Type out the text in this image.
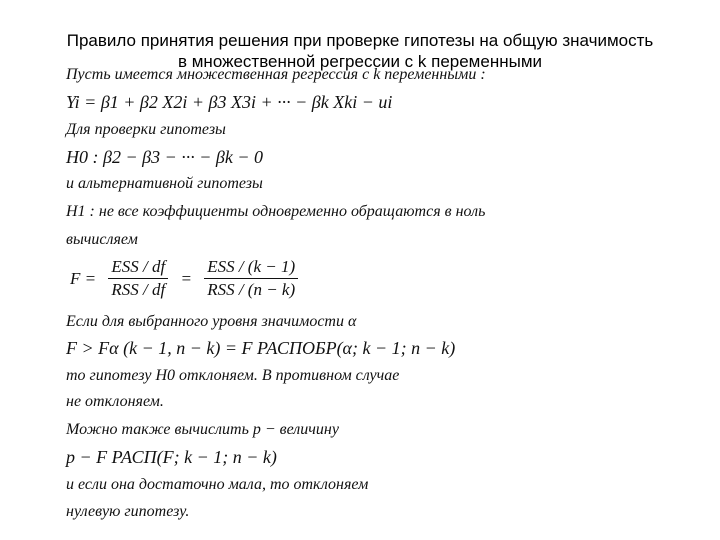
Правило принятия решения при проверке гипотезы на общую значимость
в множественной регрессии с k переменными
Пусть имеется множественная регрессия с k переменными :
Yi = β1 + β2 X2i + β3 X3i + ··· − βk Xki − ui
Для проверки гипотезы
H0 : β2 − β3 − ··· − βk − 0
и альтернативной гипотезы
H1 : не все коэффициенты одновременно обращаются в ноль
вычисляем
$F = \frac{\text{ESS / df}}{\text{RSS / df}} = \frac{\text{ESS / (k − 1)}}{\text{RSS / (n − k)}}$
Если для выбранного уровня значимости α
F > Fα (k − 1, n − k) = F РАСПОБР(α; k − 1; n − k)
то гипотезу H0 отклоняем. В противном случае
не отклоняем.
Можно также вычислить p − величину
p − F РАСП(F; k − 1; n − k)
и если она достаточно мала, то отклоняем
нулевую гипотезу.
